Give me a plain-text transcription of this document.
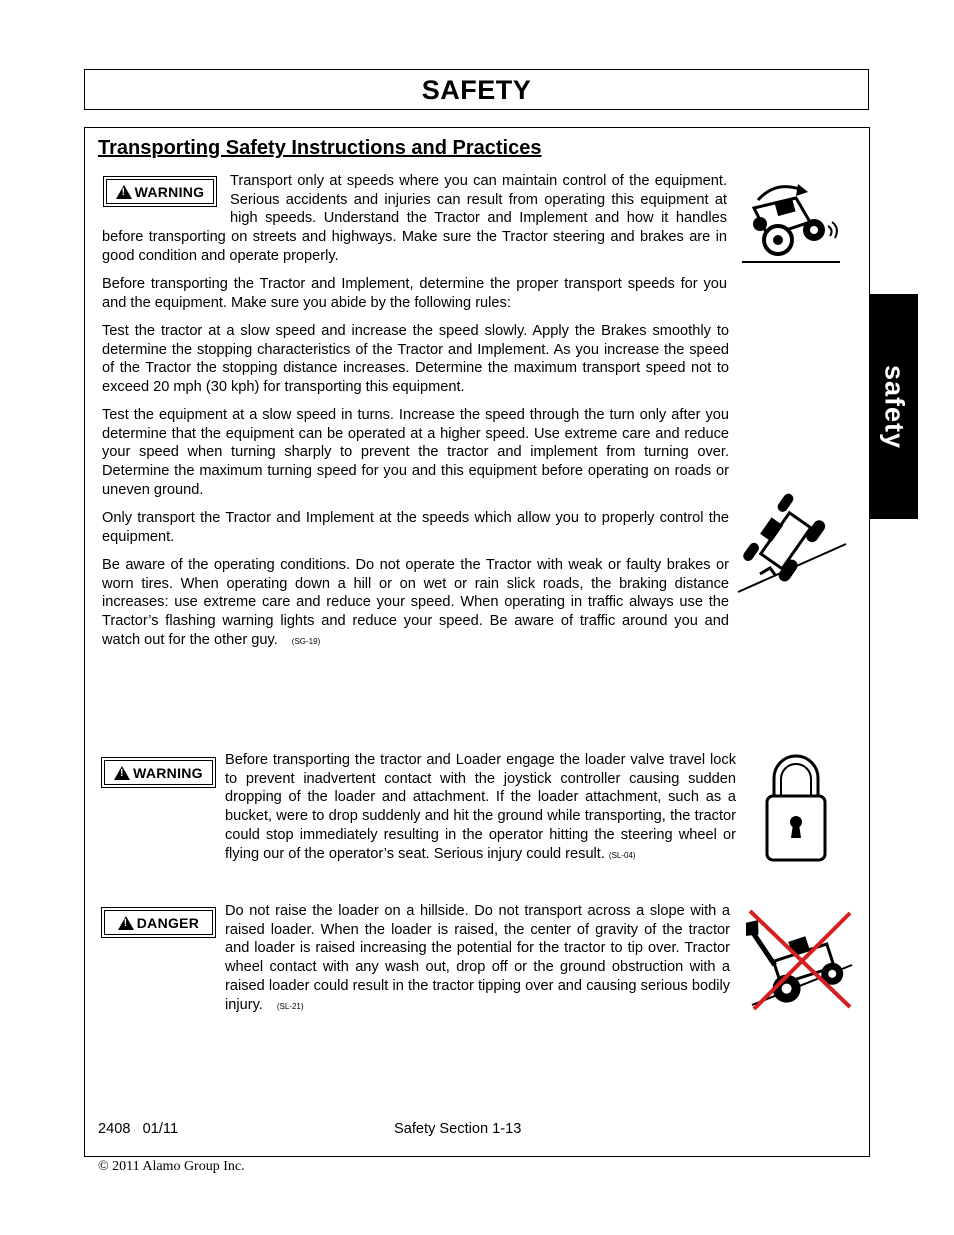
SAFETY
safety
Transporting Safety Instructions and Practices
Transport only at speeds where you can maintain control of the equipment. Serious accidents and injuries can result from operating this equipment at high speeds. Understand the Tractor and Implement and how it handles before transporting on streets and highways. Make sure the Tractor steering and brakes are in good condition and operate properly.
!
WARNING

Before transporting the Tractor and Implement, determine the proper transport speeds for you and the equipment. Make sure you abide by the following rules:

Test the tractor at a slow speed and increase the speed slowly. Apply the Brakes smoothly to determine the stopping characteristics of the Tractor and Implement. As you increase the speed of the Tractor the stopping distance increases. Determine the maximum transport speed not to exceed 20 mph (30 kph) for transporting this equipment.

Test the equipment at a slow speed in turns. Increase the speed through the turn only after you determine that the equipment can be operated at a higher speed. Use extreme care and reduce your speed when turning sharply to prevent the tractor and implement from turning over. Determine the maximum turning speed for you and this equipment before operating on roads or uneven ground.

Only transport the Tractor and Implement at the speeds which allow you to properly control the equipment.

Be aware of the operating conditions. Do not operate the Tractor with weak or faulty brakes or worn tires. When operating down a hill or on wet or rain slick roads, the braking distance increases: use extreme care and reduce your speed. When operating in traffic always use the Tractor’s flashing warning lights and reduce your speed. Be aware of traffic around you and watch out for the other guy. (SG-19)

!
WARNING

Before transporting the tractor and Loader engage the loader valve travel lock to prevent inadvertent contact with the joystick controller causing sudden dropping of the loader and attachment. If the loader attachment, such as a bucket, were to drop suddenly and hit the ground while transporting, the tractor could stop immediately resulting in the operator hitting the steering wheel or flying our of the operator’s seat. Serious injury could result. (SL-04)

!
DANGER

Do not raise the loader on a hillside. Do not transport across a slope with a raised loader. When the loader is raised, the center of gravity of the tractor and loader is raised increasing the potential for the tractor to tip over. Tractor wheel contact with any wash out, drop off or the ground obstruction with a raised loader could result in the tractor tipping over and causing serious bodily injury. (SL-21)

2408   01/11	Safety Section 1-13
© 2011 Alamo Group Inc.
